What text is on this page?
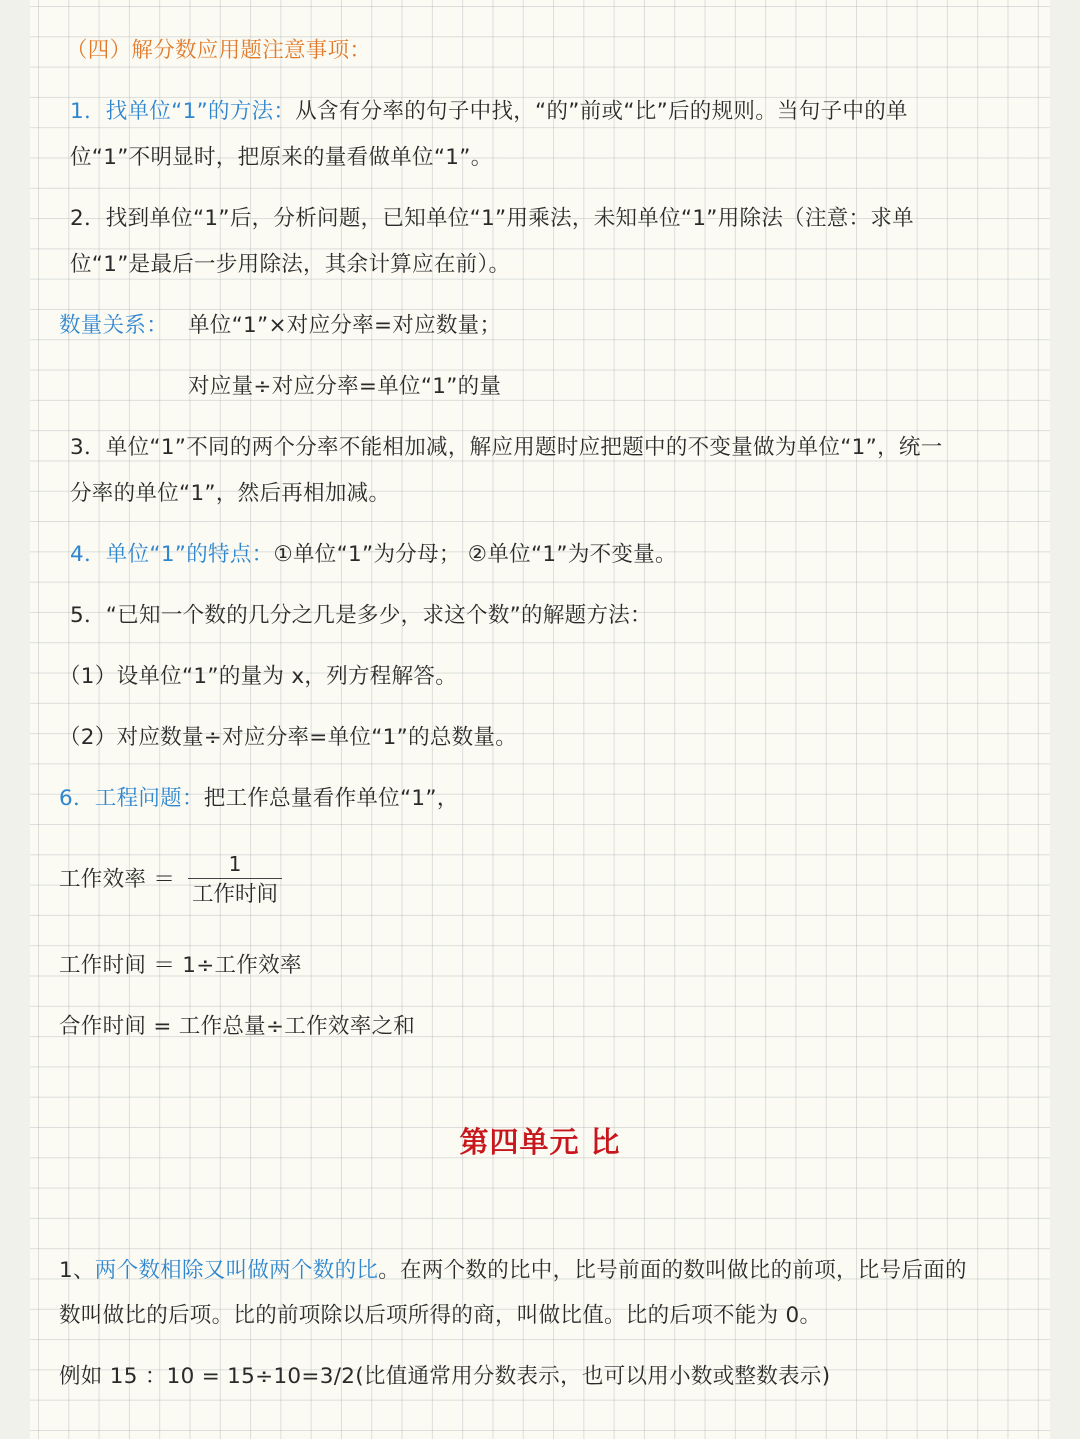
（四）解分数应用题注意事项：
1．找单位“1”的方法：从含有分率的句子中找，“的”前或“比”后的规则。当句子中的单
位“1”不明显时，把原来的量看做单位“1”。
2．找到单位“1”后，分析问题，已知单位“1”用乘法，未知单位“1”用除法（注意：求单
位“1”是最后一步用除法，其余计算应在前）。
数量关系： 单位“1”×对应分率=对应数量；
对应量÷对应分率=单位“1”的量
3．单位“1”不同的两个分率不能相加减，解应用题时应把题中的不变量做为单位“1”，统一
分率的单位“1”，然后再相加减。
4．单位“1”的特点：①单位“1”为分母； ②单位“1”为不变量。
5．“已知一个数的几分之几是多少，求这个数”的解题方法：
（1）设单位“1”的量为 x，列方程解答。
（2）对应数量÷对应分率=单位“1”的总数量。
6．工程问题：把工作总量看作单位“1”，
工作效率 ＝
1
工作时间
工作时间 ＝ 1÷工作效率
合作时间 = 工作总量÷工作效率之和
第四单元 比
1、两个数相除又叫做两个数的比。在两个数的比中，比号前面的数叫做比的前项，比号后面的
数叫做比的后项。比的前项除以后项所得的商，叫做比值。比的后项不能为 0。
例如 15 ：10 = 15÷10=3/2(比值通常用分数表示，也可以用小数或整数表示)
